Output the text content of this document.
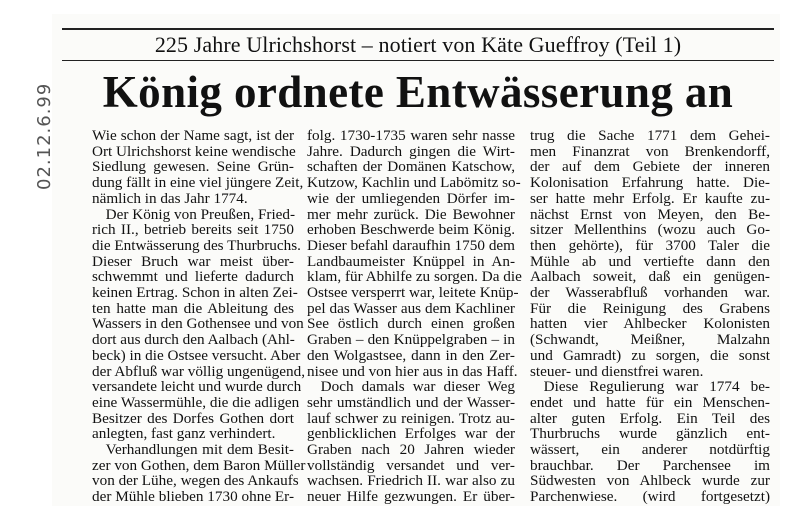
02.12.6.99
225 Jahre Ulrichshorst – notiert von Käte Gueffroy (Teil 1)
König ordnete Entwässerung an
Wie schon der Name sagt, ist der
Ort Ulrichshorst keine wendische
Siedlung gewesen. Seine Grün-
dung fällt in eine viel jüngere Zeit,
nämlich in das Jahr 1774.
Der König von Preußen, Fried-
rich II., betrieb bereits seit 1750
die Entwässerung des Thurbruchs.
Dieser Bruch war meist über-
schwemmt und lieferte dadurch
keinen Ertrag. Schon in alten Zei-
ten hatte man die Ableitung des
Wassers in den Gothensee und von
dort aus durch den Aalbach (Ahl-
beck) in die Ostsee versucht. Aber
der Abfluß war völlig ungenügend,
versandete leicht und wurde durch
eine Wassermühle, die die adligen
Besitzer des Dorfes Gothen dort
anlegten, fast ganz verhindert.
Verhandlungen mit dem Besit-
zer von Gothen, dem Baron Müller
von der Lühe, wegen des Ankaufs
der Mühle blieben 1730 ohne Er-
folg. 1730-1735 waren sehr nasse
Jahre. Dadurch gingen die Wirt-
schaften der Domänen Katschow,
Kutzow, Kachlin und Labömitz so-
wie der umliegenden Dörfer im-
mer mehr zurück. Die Bewohner
erhoben Beschwerde beim König.
Dieser befahl daraufhin 1750 dem
Landbaumeister Knüppel in An-
klam, für Abhilfe zu sorgen. Da die
Ostsee versperrt war, leitete Knüp-
pel das Wasser aus dem Kachliner
See östlich durch einen großen
Graben – den Knüppelgraben – in
den Wolgastsee, dann in den Zer-
nisee und von hier aus in das Haff.
Doch damals war dieser Weg
sehr umständlich und der Wasser-
lauf schwer zu reinigen. Trotz au-
genblicklichen Erfolges war der
Graben nach 20 Jahren wieder
vollständig versandet und ver-
wachsen. Friedrich II. war also zu
neuer Hilfe gezwungen. Er über-
trug die Sache 1771 dem Gehei-
men Finanzrat von Brenkendorff,
der auf dem Gebiete der inneren
Kolonisation Erfahrung hatte. Die-
ser hatte mehr Erfolg. Er kaufte zu-
nächst Ernst von Meyen, den Be-
sitzer Mellenthins (wozu auch Go-
then gehörte), für 3700 Taler die
Mühle ab und vertiefte dann den
Aalbach soweit, daß ein genügen-
der Wasserabfluß vorhanden war.
Für die Reinigung des Grabens
hatten vier Ahlbecker Kolonisten
(Schwandt, Meißner, Malzahn
und Gamradt) zu sorgen, die sonst
steuer- und dienstfrei waren.
Diese Regulierung war 1774 be-
endet und hatte für ein Menschen-
alter guten Erfolg. Ein Teil des
Thurbruchs wurde gänzlich ent-
wässert, ein anderer notdürftig
brauchbar. Der Parchensee im
Südwesten von Ahlbeck wurde zur
Parchenwiese. (wird fortgesetzt)
